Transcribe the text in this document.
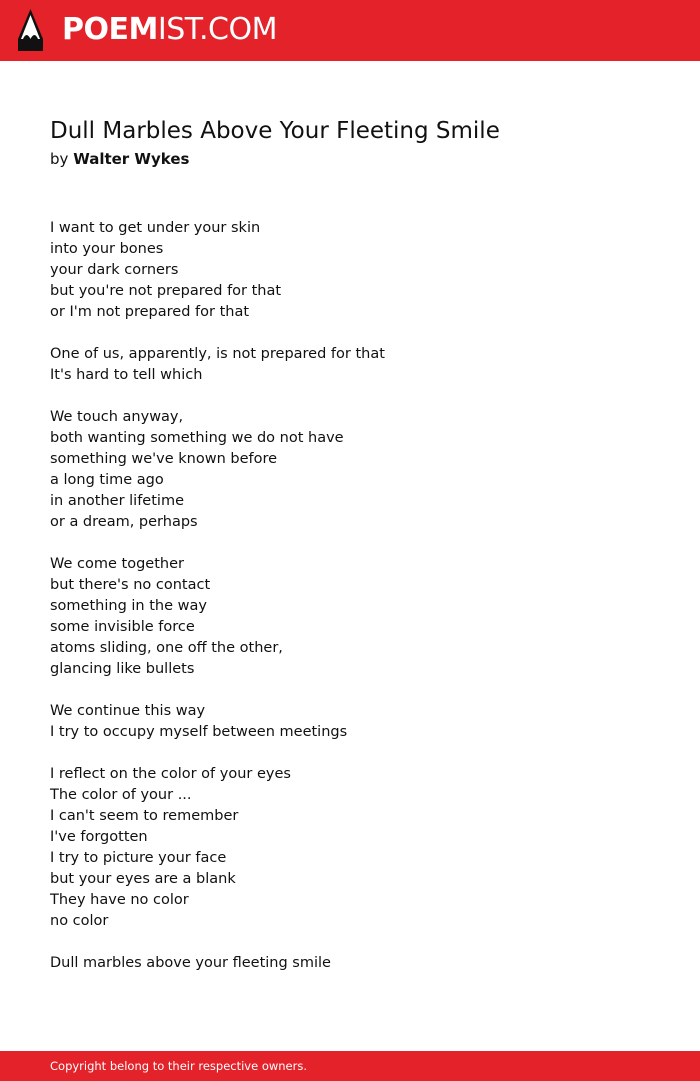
POEMIST.COM
Dull Marbles Above Your Fleeting Smile
by Walter Wykes
I want to get under your skin
into your bones
your dark corners
but you're not prepared for that
or I'm not prepared for that
One of us, apparently, is not prepared for that
It's hard to tell which
We touch anyway,
both wanting something we do not have
something we've known before
a long time ago
in another lifetime
or a dream, perhaps
We come together
but there's no contact
something in the way
some invisible force
atoms sliding, one off the other,
glancing like bullets
We continue this way
I try to occupy myself between meetings
I reflect on the color of your eyes
The color of your ...
I can't seem to remember
I've forgotten
I try to picture your face
but your eyes are a blank
They have no color
no color
Dull marbles above your fleeting smile
Copyright belong to their respective owners.
